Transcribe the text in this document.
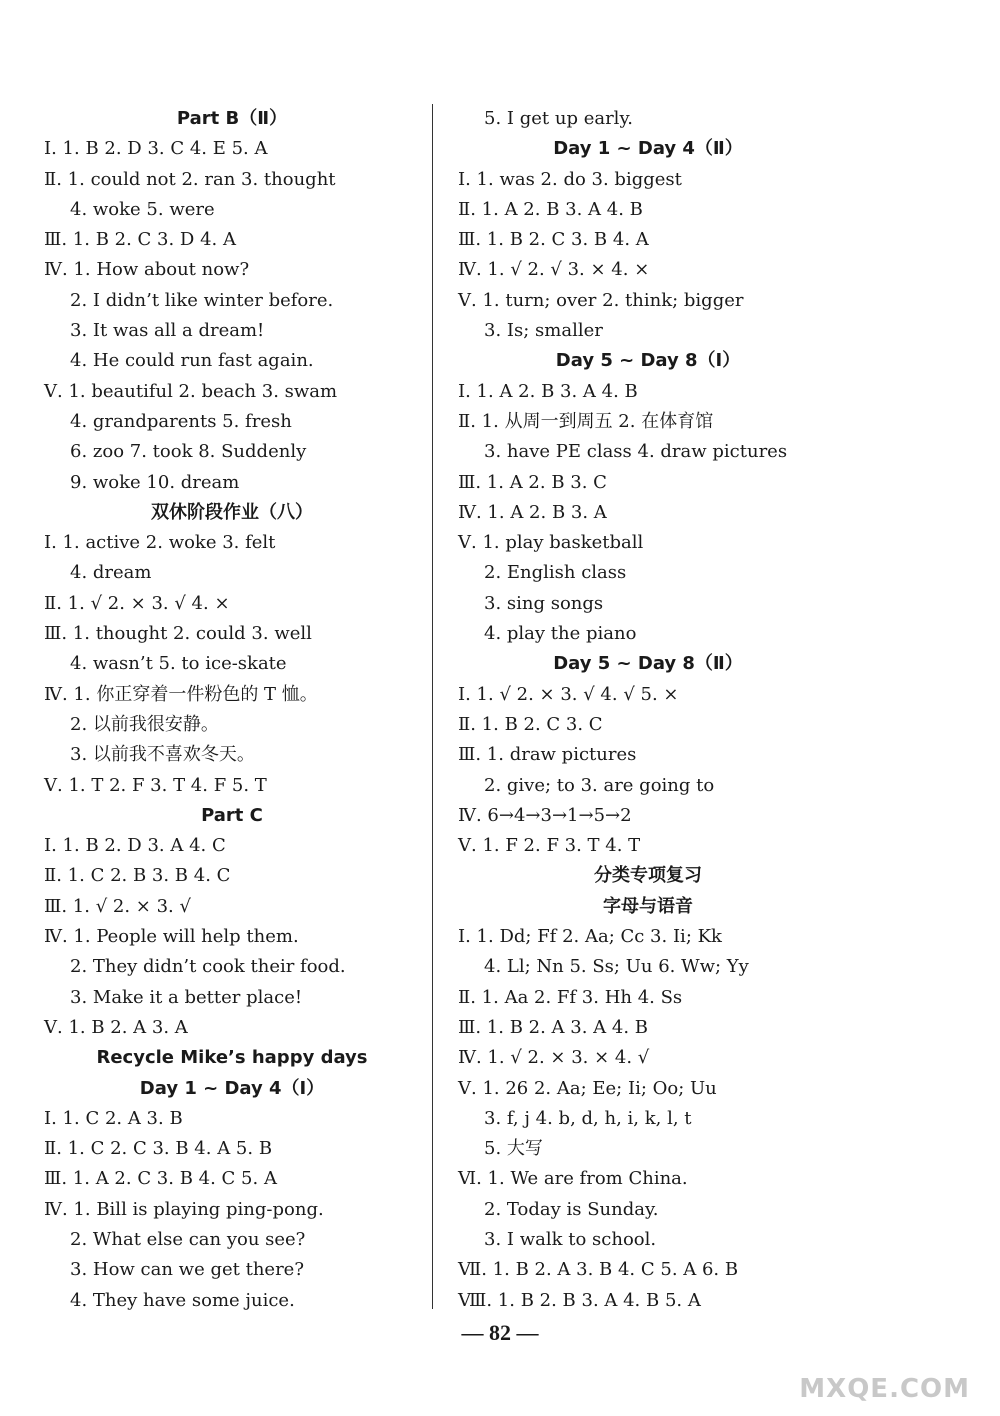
Part B（Ⅱ）
Ⅰ. 1. B 2. D 3. C 4. E 5. A
Ⅱ. 1. could not 2. ran 3. thought
4. woke 5. were
Ⅲ. 1. B 2. C 3. D 4. A
Ⅳ. 1. How about now?
2. I didn’t like winter before.
3. It was all a dream!
4. He could run fast again.
Ⅴ. 1. beautiful 2. beach 3. swam
4. grandparents 5. fresh
6. zoo 7. took 8. Suddenly
9. woke 10. dream
双休阶段作业（八）
Ⅰ. 1. active 2. woke 3. felt
4. dream
Ⅱ. 1. √ 2. × 3. √ 4. ×
Ⅲ. 1. thought 2. could 3. well
4. wasn’t 5. to ice-skate
Ⅳ. 1. 你正穿着一件粉色的 T 恤。
2. 以前我很安静。
3. 以前我不喜欢冬天。
Ⅴ. 1. T 2. F 3. T 4. F 5. T
Part C
Ⅰ. 1. B 2. D 3. A 4. C
Ⅱ. 1. C 2. B 3. B 4. C
Ⅲ. 1. √ 2. × 3. √
Ⅳ. 1. People will help them.
2. They didn’t cook their food.
3. Make it a better place!
Ⅴ. 1. B 2. A 3. A
Recycle Mike’s happy days
Day 1 ~ Day 4（Ⅰ）
Ⅰ. 1. C 2. A 3. B
Ⅱ. 1. C 2. C 3. B 4. A 5. B
Ⅲ. 1. A 2. C 3. B 4. C 5. A
Ⅳ. 1. Bill is playing ping-pong.
2. What else can you see?
3. How can we get there?
4. They have some juice.
5. I get up early.
Day 1 ~ Day 4（Ⅱ）
Ⅰ. 1. was 2. do 3. biggest
Ⅱ. 1. A 2. B 3. A 4. B
Ⅲ. 1. B 2. C 3. B 4. A
Ⅳ. 1. √ 2. √ 3. × 4. ×
Ⅴ. 1. turn; over 2. think; bigger
3. Is; smaller
Day 5 ~ Day 8（Ⅰ）
Ⅰ. 1. A 2. B 3. A 4. B
Ⅱ. 1. 从周一到周五 2. 在体育馆
3. have PE class 4. draw pictures
Ⅲ. 1. A 2. B 3. C
Ⅳ. 1. A 2. B 3. A
Ⅴ. 1. play basketball
2. English class
3. sing songs
4. play the piano
Day 5 ~ Day 8（Ⅱ）
Ⅰ. 1. √ 2. × 3. √ 4. √ 5. ×
Ⅱ. 1. B 2. C 3. C
Ⅲ. 1. draw pictures
2. give; to 3. are going to
Ⅳ. 6→4→3→1→5→2
Ⅴ. 1. F 2. F 3. T 4. T
分类专项复习
字母与语音
Ⅰ. 1. Dd; Ff 2. Aa; Cc 3. Ii; Kk
4. Ll; Nn 5. Ss; Uu 6. Ww; Yy
Ⅱ. 1. Aa 2. Ff 3. Hh 4. Ss
Ⅲ. 1. B 2. A 3. A 4. B
Ⅳ. 1. √ 2. × 3. × 4. √
Ⅴ. 1. 26 2. Aa; Ee; Ii; Oo; Uu
3. f, j 4. b, d, h, i, k, l, t
5. 大写
Ⅵ. 1. We are from China.
2. Today is Sunday.
3. I walk to school.
Ⅶ. 1. B 2. A 3. B 4. C 5. A 6. B
Ⅷ. 1. B 2. B 3. A 4. B 5. A
— 82 —
MXQE.COM
